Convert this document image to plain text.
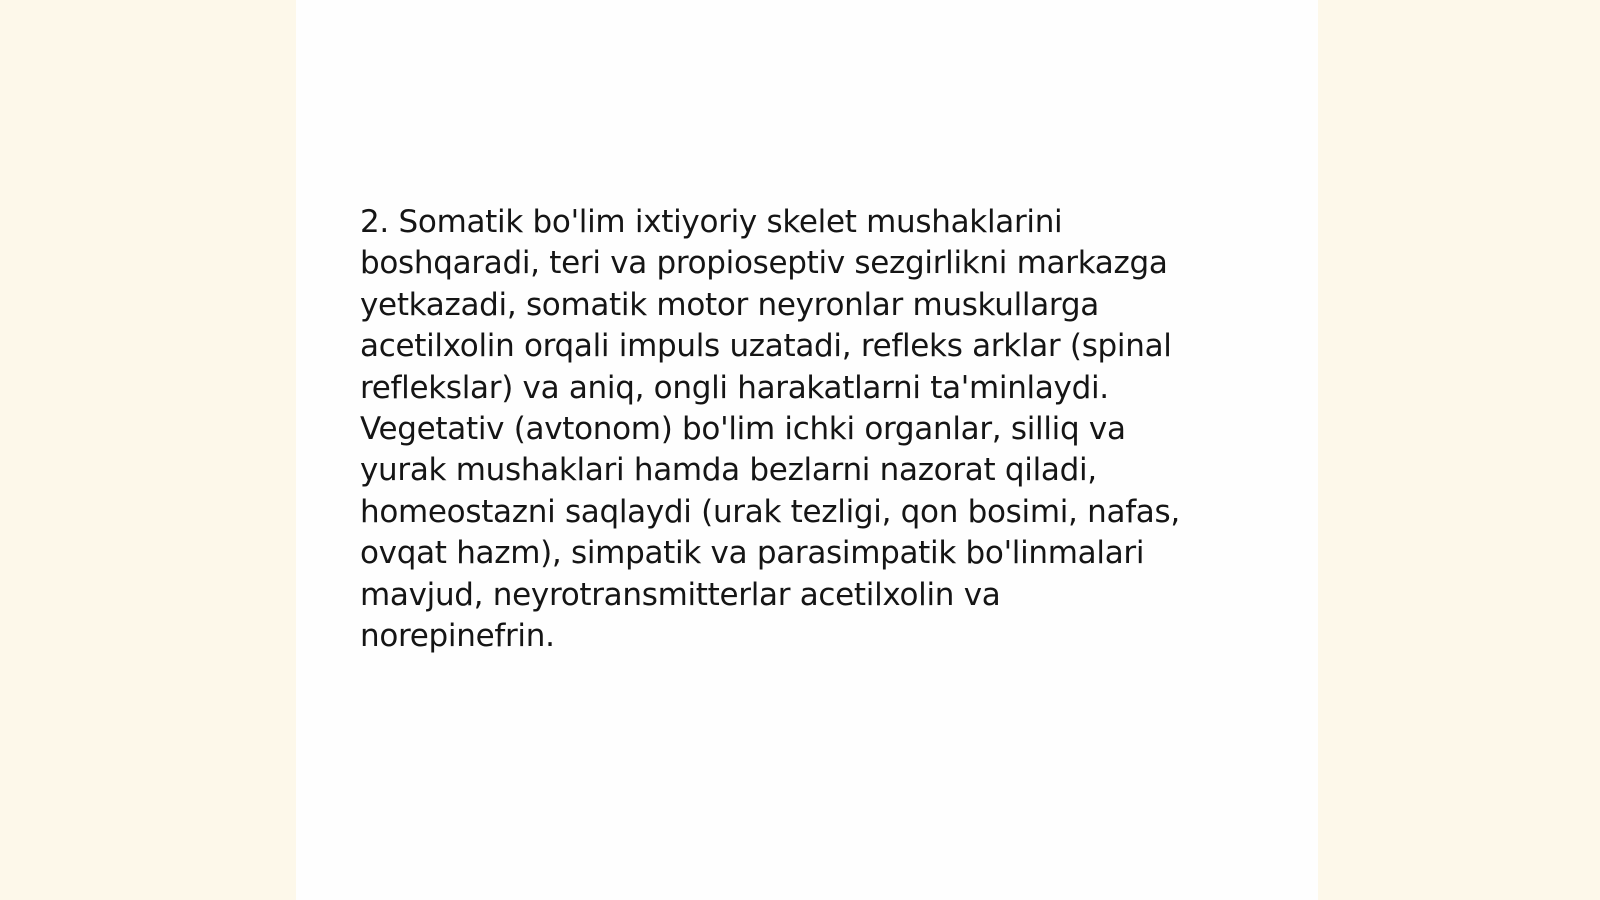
2. Somatik bo'lim ixtiyoriy skelet mushaklarini
boshqaradi, teri va propioseptiv sezgirlikni markazga
yetkazadi, somatik motor neyronlar muskullarga
acetilxolin orqali impuls uzatadi, refleks arklar (spinal
reflekslar) va aniq, ongli harakatlarni ta'minlaydi.
Vegetativ (avtonom) bo'lim ichki organlar, silliq va
yurak mushaklari hamda bezlarni nazorat qiladi,
homeostazni saqlaydi (urak tezligi, qon bosimi, nafas,
ovqat hazm), simpatik va parasimpatik bo'linmalari
mavjud, neyrotransmitterlar acetilxolin va
norepinefrin.
